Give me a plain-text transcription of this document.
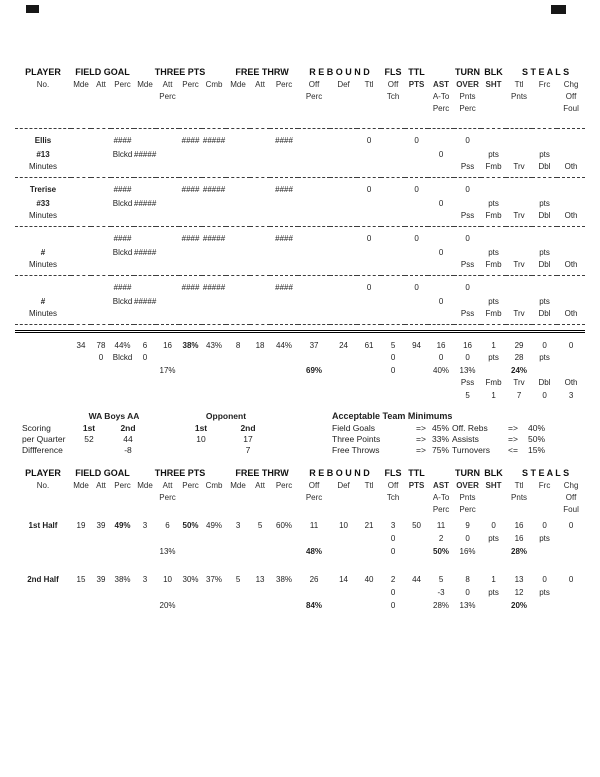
PLAYER	FIELD GOAL			THREE PTS				FREE THRW			R E B O U N D			FLS	TTL		TURN	BLK	S T E A L S		
No.	Mde	Att	Perc	Mde	Att	Perc	Cmb	Mde	Att	Perc	Off	Def	Ttl	Off	PTS	AST	OVER	SHT	Ttl	Frc	Chg
					Perc						Perc			Tch		A-To	Pnts		Pnts		Off
																Perc	Perc				Foul

Ellis			####			####	#####			####			0		0		0				
#13			Blckd	#####												0		pts		pts	
Minutes																	Pss	Fmb	Trv	Dbl	Oth

Trerise			####			####	#####			####			0		0		0				
#33			Blckd	#####												0		pts		pts	
Minutes																	Pss	Fmb	Trv	Dbl	Oth

			####			####	#####			####			0		0		0				
#			Blckd	#####												0		pts		pts	
Minutes																	Pss	Fmb	Trv	Dbl	Oth

			####			####	#####			####			0		0		0				
#			Blckd	#####												0		pts		pts	
Minutes																	Pss	Fmb	Trv	Dbl	Oth

	34	78	44%	6	16	38%	43%	8	18	44%	37	24	61	5	94	16	16	1	29	0	0
		0	Blckd	0										0		0	0	pts	28	pts	
					17%						69%			0		40%	13%		24%		
																	Pss	Fmb	Trv	Dbl	Oth
																	5	1	7	0	3
	WA Boys AA			Opponent	
Scoring	1st	2nd		1st	2nd
per Quarter	52	44		10	17
Diffference		-8			7
Acceptable Team Minimums					
Field Goals	=>	45%	Off. Rebs	=>	40%
Three Points	=>	33%	Assists	=>	50%
Free Throws	=>	75%	Turnovers	<=	15%
PLAYER	FIELD GOAL			THREE PTS				FREE THRW			R E B O U N D			FLS	TTL		TURN	BLK	S T E A L S		
No.	Mde	Att	Perc	Mde	Att	Perc	Cmb	Mde	Att	Perc	Off	Def	Ttl	Off	PTS	AST	OVER	SHT	Ttl	Frc	Chg
					Perc						Perc			Tch		A-To	Pnts		Pnts		Off
																Perc	Perc				Foul

1st Half	19	39	49%	3	6	50%	49%	3	5	60%	11	10	21	3	50	11	9	0	16	0	0
														0		2	0	pts	16	pts	
					13%						48%			0		50%	16%		28%		

2nd Half	15	39	38%	3	10	30%	37%	5	13	38%	26	14	40	2	44	5	8	1	13	0	0
														0		-3	0	pts	12	pts	
					20%						84%			0		28%	13%		20%		
